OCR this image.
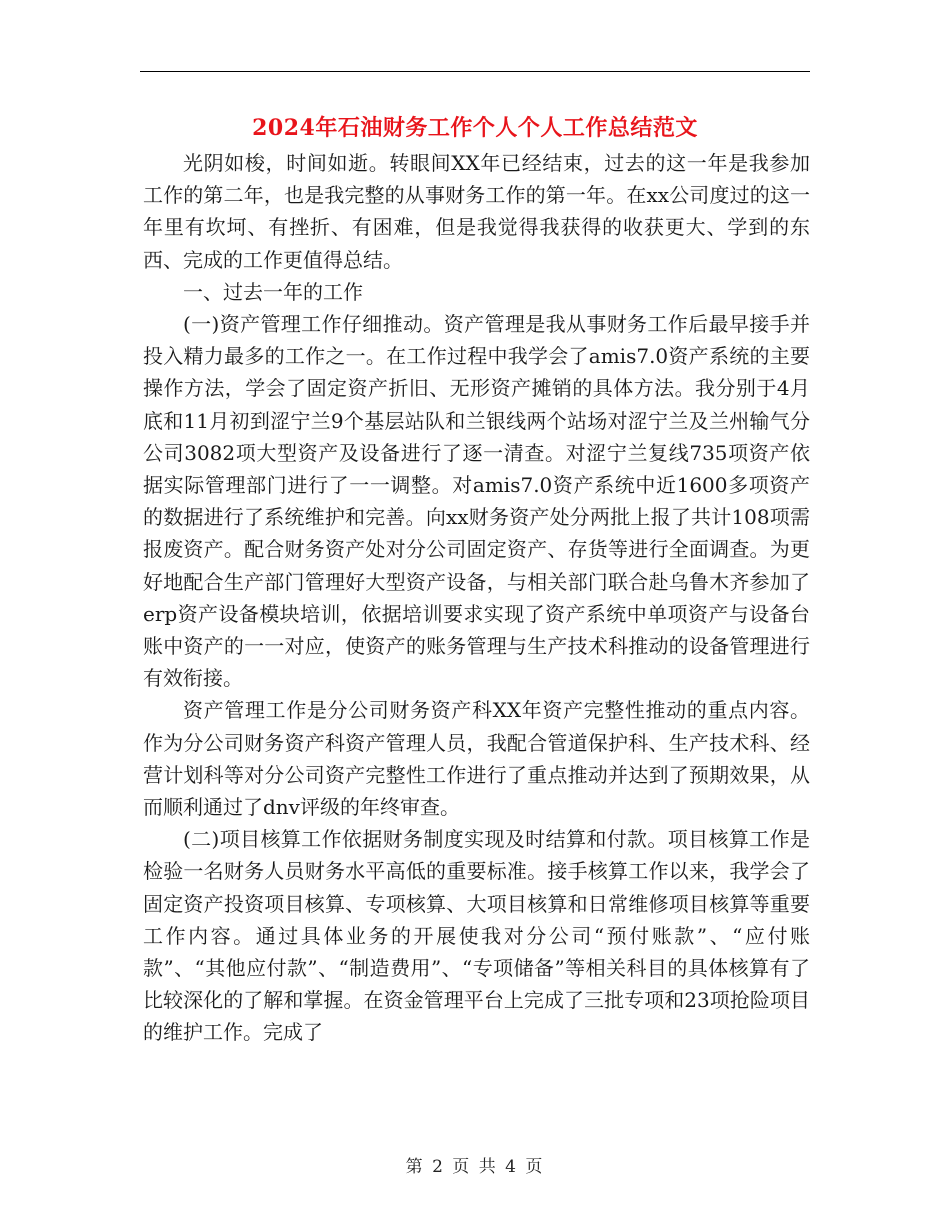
2024年石油财务工作个人个人工作总结范文

光阴如梭，时间如逝。转眼间XX年已经结束，过去的这一年是我参加工作的第二年，也是我完整的从事财务工作的第一年。在xx公司度过的这一年里有坎坷、有挫折、有困难，但是我觉得我获得的收获更大、学到的东西、完成的工作更值得总结。

一、过去一年的工作

(一)资产管理工作仔细推动。资产管理是我从事财务工作后最早接手并投入精力最多的工作之一。在工作过程中我学会了amis7.0资产系统的主要操作方法，学会了固定资产折旧、无形资产摊销的具体方法。我分别于4月底和11月初到涩宁兰9个基层站队和兰银线两个站场对涩宁兰及兰州输气分公司3082项大型资产及设备进行了逐一清查。对涩宁兰复线735项资产依据实际管理部门进行了一一调整。对amis7.0资产系统中近1600多项资产的数据进行了系统维护和完善。向xx财务资产处分两批上报了共计108项需报废资产。配合财务资产处对分公司固定资产、存货等进行全面调查。为更好地配合生产部门管理好大型资产设备，与相关部门联合赴乌鲁木齐参加了erp资产设备模块培训，依据培训要求实现了资产系统中单项资产与设备台账中资产的一一对应，使资产的账务管理与生产技术科推动的设备管理进行有效衔接。

资产管理工作是分公司财务资产科XX年资产完整性推动的重点内容。作为分公司财务资产科资产管理人员，我配合管道保护科、生产技术科、经营计划科等对分公司资产完整性工作进行了重点推动并达到了预期效果，从而顺利通过了dnv评级的年终审查。

(二)项目核算工作依据财务制度实现及时结算和付款。项目核算工作是检验一名财务人员财务水平高低的重要标准。接手核算工作以来，我学会了固定资产投资项目核算、专项核算、大项目核算和日常维修项目核算等重要工作内容。通过具体业务的开展使我对分公司“预付账款”、“应付账款”、“其他应付款”、“制造费用”、“专项储备”等相关科目的具体核算有了比较深化的了解和掌握。在资金管理平台上完成了三批专项和23项抢险项目的维护工作。完成了

第 2 页 共 4 页
